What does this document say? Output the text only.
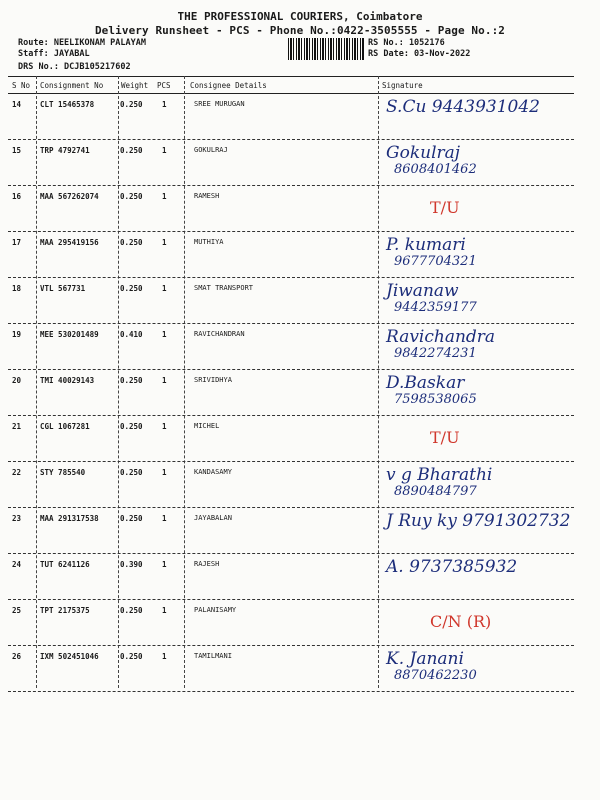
THE PROFESSIONAL COURIERS, Coimbatore
Delivery Runsheet - PCS - Phone No.:0422-3505555 - Page No.:2
Route: NEELIKONAM PALAYAM
Staff: JAYABAL
DRS No.: DCJB105217602
RS No.: 1052176
RS Date: 03-Nov-2022
S No Consignment No Weight PCS	Consignee Details	Signature
14	CLT 15465378	0.250	1	SREE MURUGAN	S.Cu 9443931042
15	TRP 4792741	0.250	1	GOKULRAJ	Gokulraj
8608401462
16	MAA 567262074	0.250	1	RAMESH
T/U
17	MAA 295419156	0.250	1	MUTHIYA	P. kumari
9677704321
18	VTL 567731	0.250	1	SMAT TRANSPORT	Jiwanaw
9442359177
19	MEE 530201489	0.410	1	RAVICHANDRAN	Ravichandra
9842274231
20	TMI 40029143	0.250	1	SRIVIDHYA	D.Baskar
7598538065
21	CGL 1067281	0.250	1	MICHEL
T/U
22	STY 785540	0.250	1	KANDASAMY	v g Bharathi
8890484797
23	MAA 291317538	0.250	1	JAYABALAN	J Ruy ky 9791302732
24	TUT 6241126	0.390	1	RAJESH	A. 9737385932
25	TPT 2175375	0.250	1	PALANISAMY
C/N (R)
26	IXM 502451046	0.250	1	TAMILMANI	K. Janani
8870462230
